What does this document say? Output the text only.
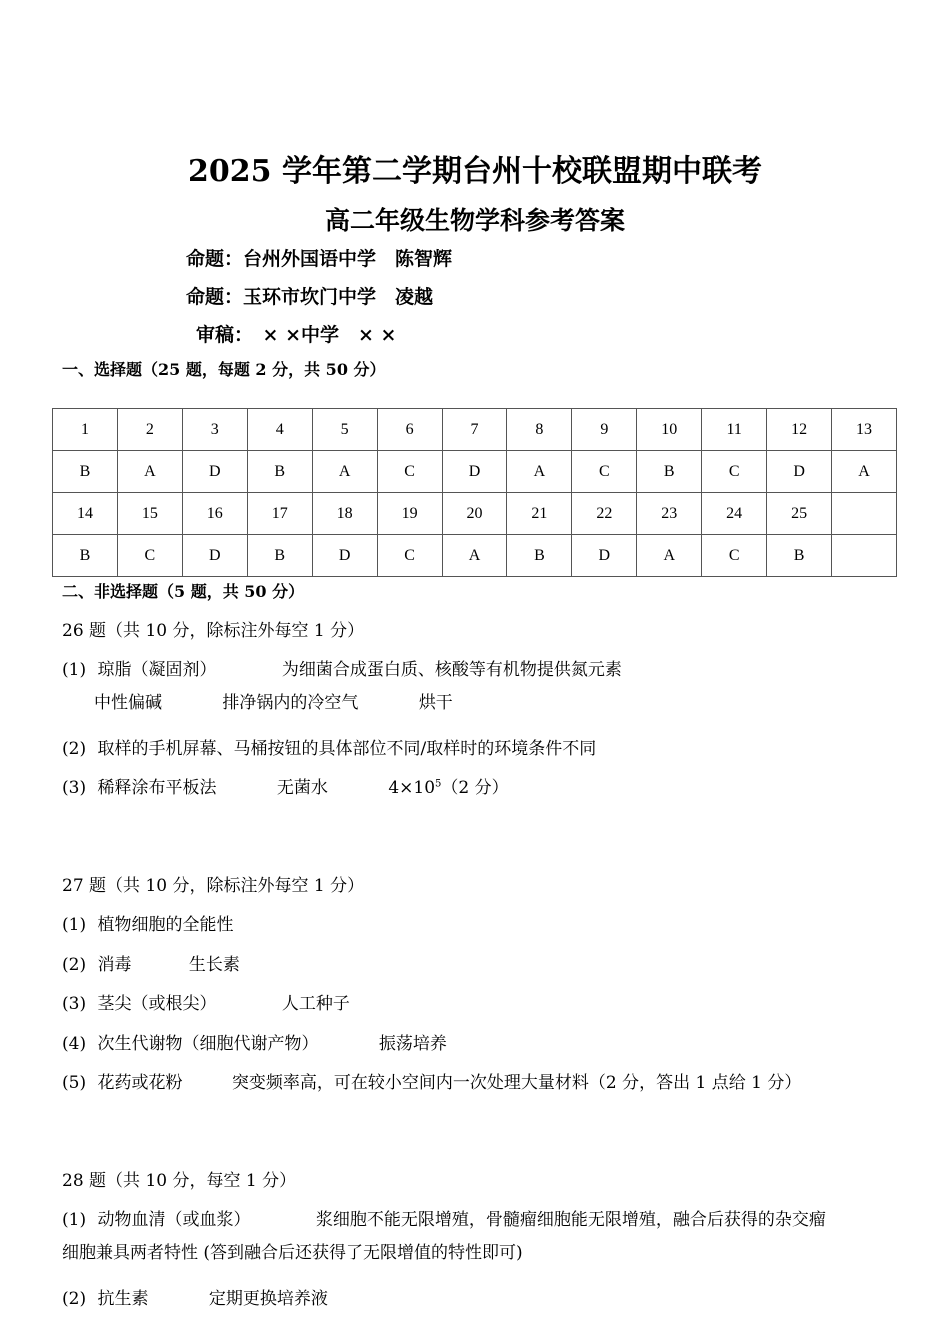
2025 学年第二学期台州十校联盟期中联考
高二年级生物学科参考答案
命题：台州外国语中学　陈智辉
命题：玉环市坎门中学　凌越
审稿：　 × ×中学　× ×
一、选择题（25 题，每题 2 分，共 50 分）
1	2	3	4	5	6	7	8	9	10	11	12	13
B	A	D	B	A	C	D	A	C	B	C	D	A
14	15	16	17	18	19	20	21	22	23	24	25	
B	C	D	B	D	C	A	B	D	A	C	B	
二、非选择题（5 题，共 50 分）
26 题（共 10 分，除标注外每空 1 分）
(1) 琼脂（凝固剂）	为细菌合成蛋白质、核酸等有机物提供氮元素
中性偏碱	排净锅内的冷空气	烘干
(2) 取样的手机屏幕、马桶按钮的具体部位不同/取样时的环境条件不同
(3) 稀释涂布平板法	无菌水	$4\times 10^5(2$ 分）
27 题（共 10 分，除标注外每空 1 分）
(1) 植物细胞的全能性
(2) 消毒	生长素
(3) 茎尖（或根尖）	人工种子
(4) 次生代谢物（细胞代谢产物）	振荡培养
(5) 花药或花粉	突变频率高，可在较小空间内一次处理大量材料（2 分，答出 1 点给 1 分）
28 题（共 10 分，每空 1 分）
(1) 动物血清（或血浆）	浆细胞不能无限增殖，骨髓瘤细胞能无限增殖，融合后获得的杂交瘤
细胞兼具两者特性 (答到融合后还获得了无限增值的特性即可)
(2) 抗生素	定期更换培养液
